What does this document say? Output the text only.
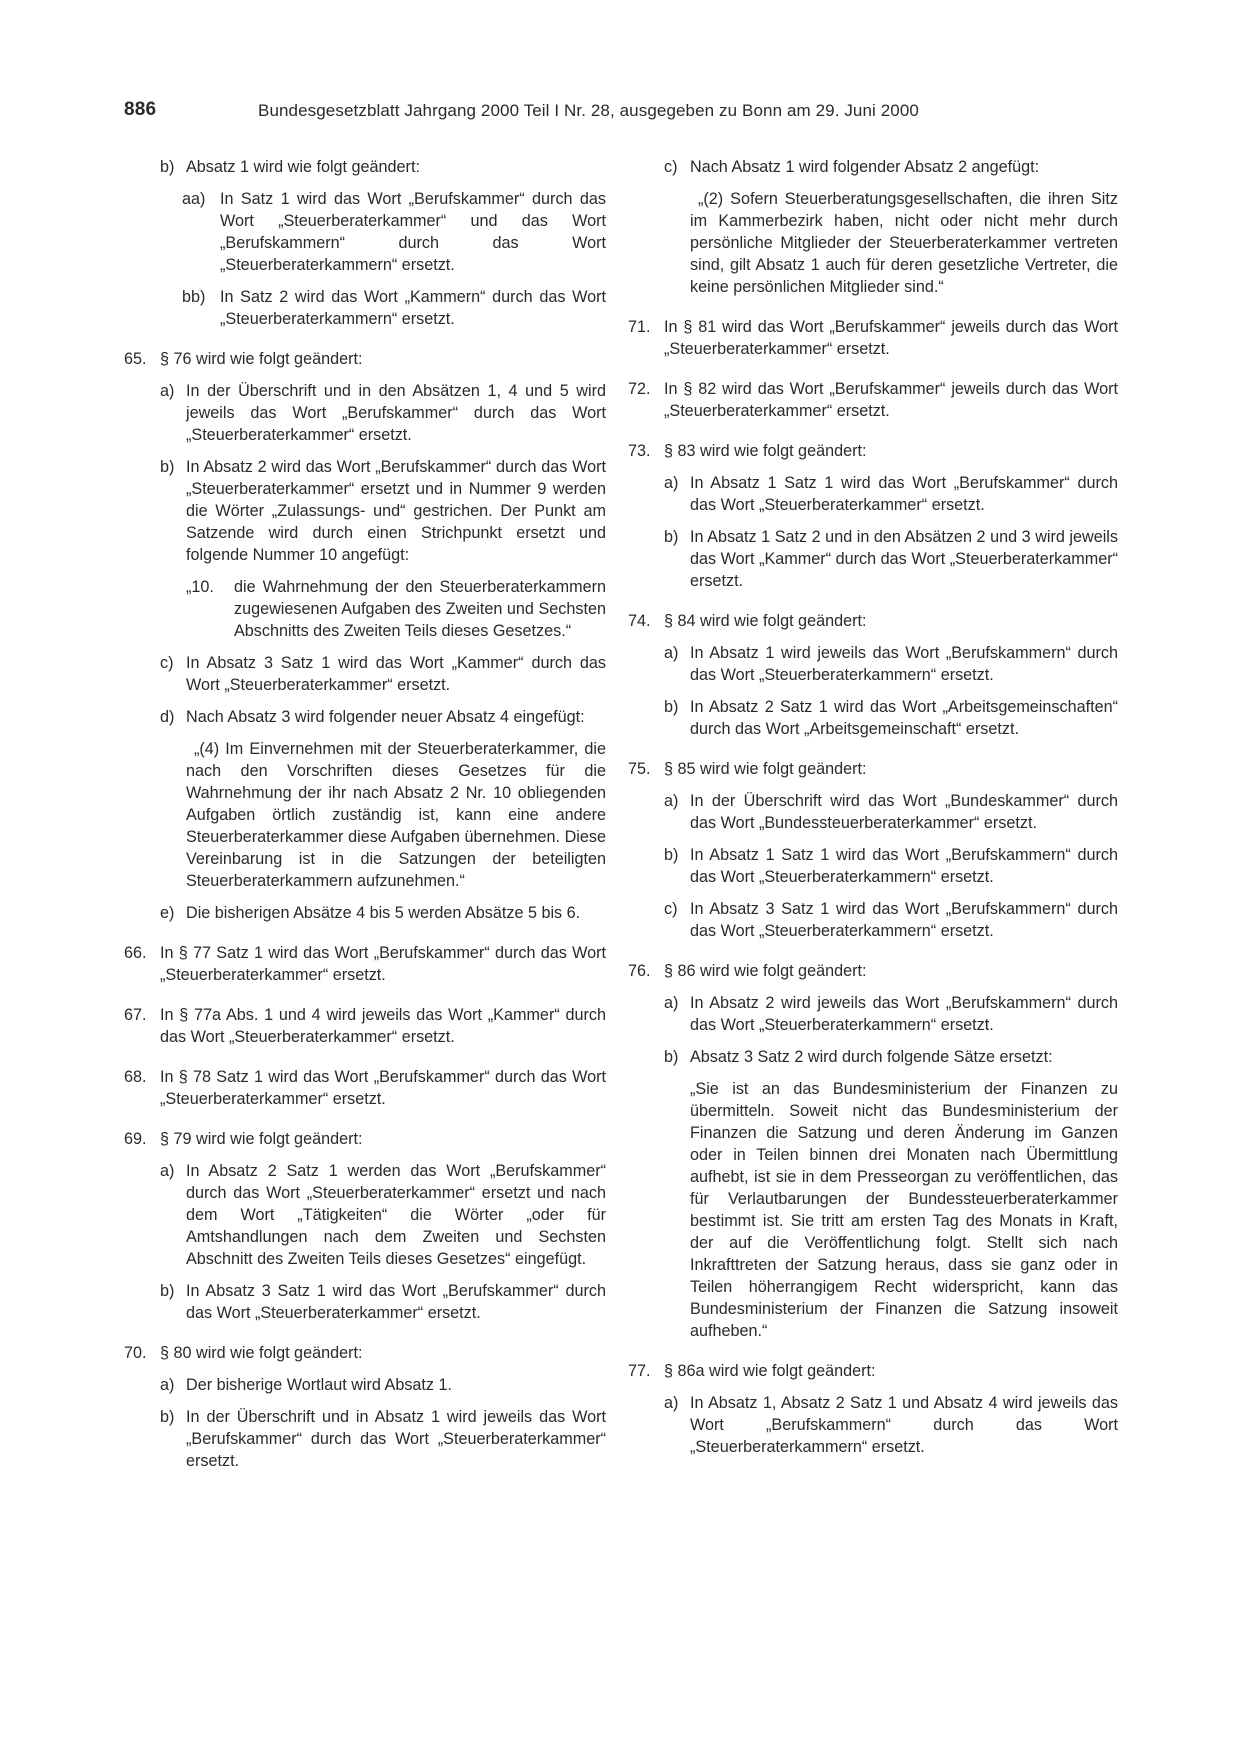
886	Bundesgesetzblatt Jahrgang 2000 Teil I Nr. 28, ausgegeben zu Bonn am 29. Juni 2000
b) Absatz 1 wird wie folgt geändert:

aa) In Satz 1 wird das Wort „Berufskammer“ durch das Wort „Steuerberaterkammer“ und das Wort „Berufskammern“ durch das Wort „Steuerberaterkammern“ ersetzt.

bb) In Satz 2 wird das Wort „Kammern“ durch das Wort „Steuerberaterkammern“ ersetzt.

65. § 76 wird wie folgt geändert:

a) In der Überschrift und in den Absätzen 1, 4 und 5 wird jeweils das Wort „Berufskammer“ durch das Wort „Steuerberaterkammer“ ersetzt.

b) In Absatz 2 wird das Wort „Berufskammer“ durch das Wort „Steuerberaterkammer“ ersetzt und in Nummer 9 werden die Wörter „Zulassungs- und“ gestrichen. Der Punkt am Satzende wird durch einen Strichpunkt ersetzt und folgende Nummer 10 angefügt:

„10. die Wahrnehmung der den Steuerberaterkammern zugewiesenen Aufgaben des Zweiten und Sechsten Abschnitts des Zweiten Teils dieses Gesetzes.“

c) In Absatz 3 Satz 1 wird das Wort „Kammer“ durch das Wort „Steuerberaterkammer“ ersetzt.

d) Nach Absatz 3 wird folgender neuer Absatz 4 eingefügt:

„(4) Im Einvernehmen mit der Steuerberaterkammer, die nach den Vorschriften dieses Gesetzes für die Wahrnehmung der ihr nach Absatz 2 Nr. 10 obliegenden Aufgaben örtlich zuständig ist, kann eine andere Steuerberaterkammer diese Aufgaben übernehmen. Diese Vereinbarung ist in die Satzungen der beteiligten Steuerberaterkammern aufzunehmen.“

e) Die bisherigen Absätze 4 bis 5 werden Absätze 5 bis 6.

66. In § 77 Satz 1 wird das Wort „Berufskammer“ durch das Wort „Steuerberaterkammer“ ersetzt.

67. In § 77a Abs. 1 und 4 wird jeweils das Wort „Kammer“ durch das Wort „Steuerberaterkammer“ ersetzt.

68. In § 78 Satz 1 wird das Wort „Berufskammer“ durch das Wort „Steuerberaterkammer“ ersetzt.

69. § 79 wird wie folgt geändert:

a) In Absatz 2 Satz 1 werden das Wort „Berufskammer“ durch das Wort „Steuerberaterkammer“ ersetzt und nach dem Wort „Tätigkeiten“ die Wörter „oder für Amtshandlungen nach dem Zweiten und Sechsten Abschnitt des Zweiten Teils dieses Gesetzes“ eingefügt.

b) In Absatz 3 Satz 1 wird das Wort „Berufskammer“ durch das Wort „Steuerberaterkammer“ ersetzt.

70. § 80 wird wie folgt geändert:

a) Der bisherige Wortlaut wird Absatz 1.

b) In der Überschrift und in Absatz 1 wird jeweils das Wort „Berufskammer“ durch das Wort „Steuerberaterkammer“ ersetzt.

c) Nach Absatz 1 wird folgender Absatz 2 angefügt:

„(2) Sofern Steuerberatungsgesellschaften, die ihren Sitz im Kammerbezirk haben, nicht oder nicht mehr durch persönliche Mitglieder der Steuerberaterkammer vertreten sind, gilt Absatz 1 auch für deren gesetzliche Vertreter, die keine persönlichen Mitglieder sind.“

71. In § 81 wird das Wort „Berufskammer“ jeweils durch das Wort „Steuerberaterkammer“ ersetzt.

72. In § 82 wird das Wort „Berufskammer“ jeweils durch das Wort „Steuerberaterkammer“ ersetzt.

73. § 83 wird wie folgt geändert:

a) In Absatz 1 Satz 1 wird das Wort „Berufskammer“ durch das Wort „Steuerberaterkammer“ ersetzt.

b) In Absatz 1 Satz 2 und in den Absätzen 2 und 3 wird jeweils das Wort „Kammer“ durch das Wort „Steuerberaterkammer“ ersetzt.

74. § 84 wird wie folgt geändert:

a) In Absatz 1 wird jeweils das Wort „Berufskammern“ durch das Wort „Steuerberaterkammern“ ersetzt.

b) In Absatz 2 Satz 1 wird das Wort „Arbeitsgemeinschaften“ durch das Wort „Arbeitsgemeinschaft“ ersetzt.

75. § 85 wird wie folgt geändert:

a) In der Überschrift wird das Wort „Bundeskammer“ durch das Wort „Bundessteuerberaterkammer“ ersetzt.

b) In Absatz 1 Satz 1 wird das Wort „Berufskammern“ durch das Wort „Steuerberaterkammern“ ersetzt.

c) In Absatz 3 Satz 1 wird das Wort „Berufskammern“ durch das Wort „Steuerberaterkammern“ ersetzt.

76. § 86 wird wie folgt geändert:

a) In Absatz 2 wird jeweils das Wort „Berufskammern“ durch das Wort „Steuerberaterkammern“ ersetzt.

b) Absatz 3 Satz 2 wird durch folgende Sätze ersetzt:

„Sie ist an das Bundesministerium der Finanzen zu übermitteln. Soweit nicht das Bundesministerium der Finanzen die Satzung und deren Änderung im Ganzen oder in Teilen binnen drei Monaten nach Übermittlung aufhebt, ist sie in dem Presseorgan zu veröffentlichen, das für Verlautbarungen der Bundessteuerberaterkammer bestimmt ist. Sie tritt am ersten Tag des Monats in Kraft, der auf die Veröffentlichung folgt. Stellt sich nach Inkrafttreten der Satzung heraus, dass sie ganz oder in Teilen höherrangigem Recht widerspricht, kann das Bundesministerium der Finanzen die Satzung insoweit aufheben.“

77. § 86a wird wie folgt geändert:

a) In Absatz 1, Absatz 2 Satz 1 und Absatz 4 wird jeweils das Wort „Berufskammern“ durch das Wort „Steuerberaterkammern“ ersetzt.
